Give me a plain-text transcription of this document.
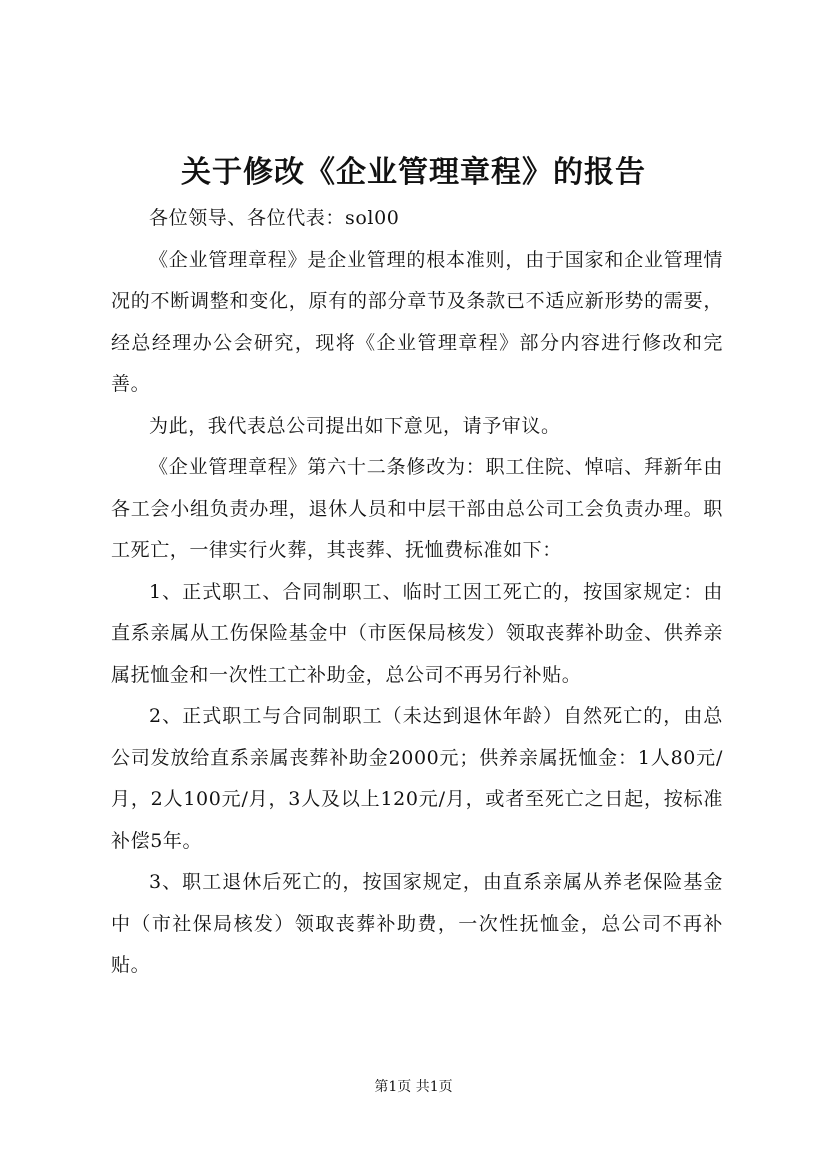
关于修改《企业管理章程》的报告

各位领导、各位代表：sol00

《企业管理章程》是企业管理的根本准则，由于国家和企业管理情况的不断调整和变化，原有的部分章节及条款已不适应新形势的需要，经总经理办公会研究，现将《企业管理章程》部分内容进行修改和完善。

为此，我代表总公司提出如下意见，请予审议。

《企业管理章程》第六十二条修改为：职工住院、悼唁、拜新年由各工会小组负责办理，退休人员和中层干部由总公司工会负责办理。职工死亡，一律实行火葬，其丧葬、抚恤费标准如下：

1、正式职工、合同制职工、临时工因工死亡的，按国家规定：由直系亲属从工伤保险基金中（市医保局核发）领取丧葬补助金、供养亲属抚恤金和一次性工亡补助金，总公司不再另行补贴。

2、正式职工与合同制职工（未达到退休年龄）自然死亡的，由总公司发放给直系亲属丧葬补助金2000元；供养亲属抚恤金：1人80元/月，2人100元/月，3人及以上120元/月，或者至死亡之日起，按标准补偿5年。

3、职工退休后死亡的，按国家规定，由直系亲属从养老保险基金中（市社保局核发）领取丧葬补助费，一次性抚恤金，总公司不再补贴。

第1页 共1页
